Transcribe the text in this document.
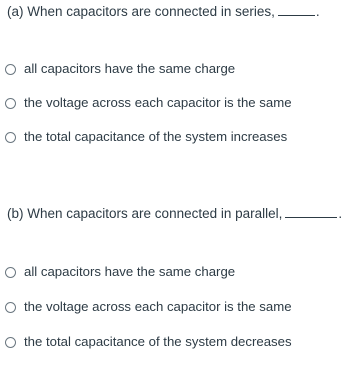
(a) When capacitors are connected in series,	.
all capacitors have the same charge
the voltage across each capacitor is the same
the total capacitance of the system increases
(b) When capacitors are connected in parallel,	.
all capacitors have the same charge
the voltage across each capacitor is the same
the total capacitance of the system decreases
